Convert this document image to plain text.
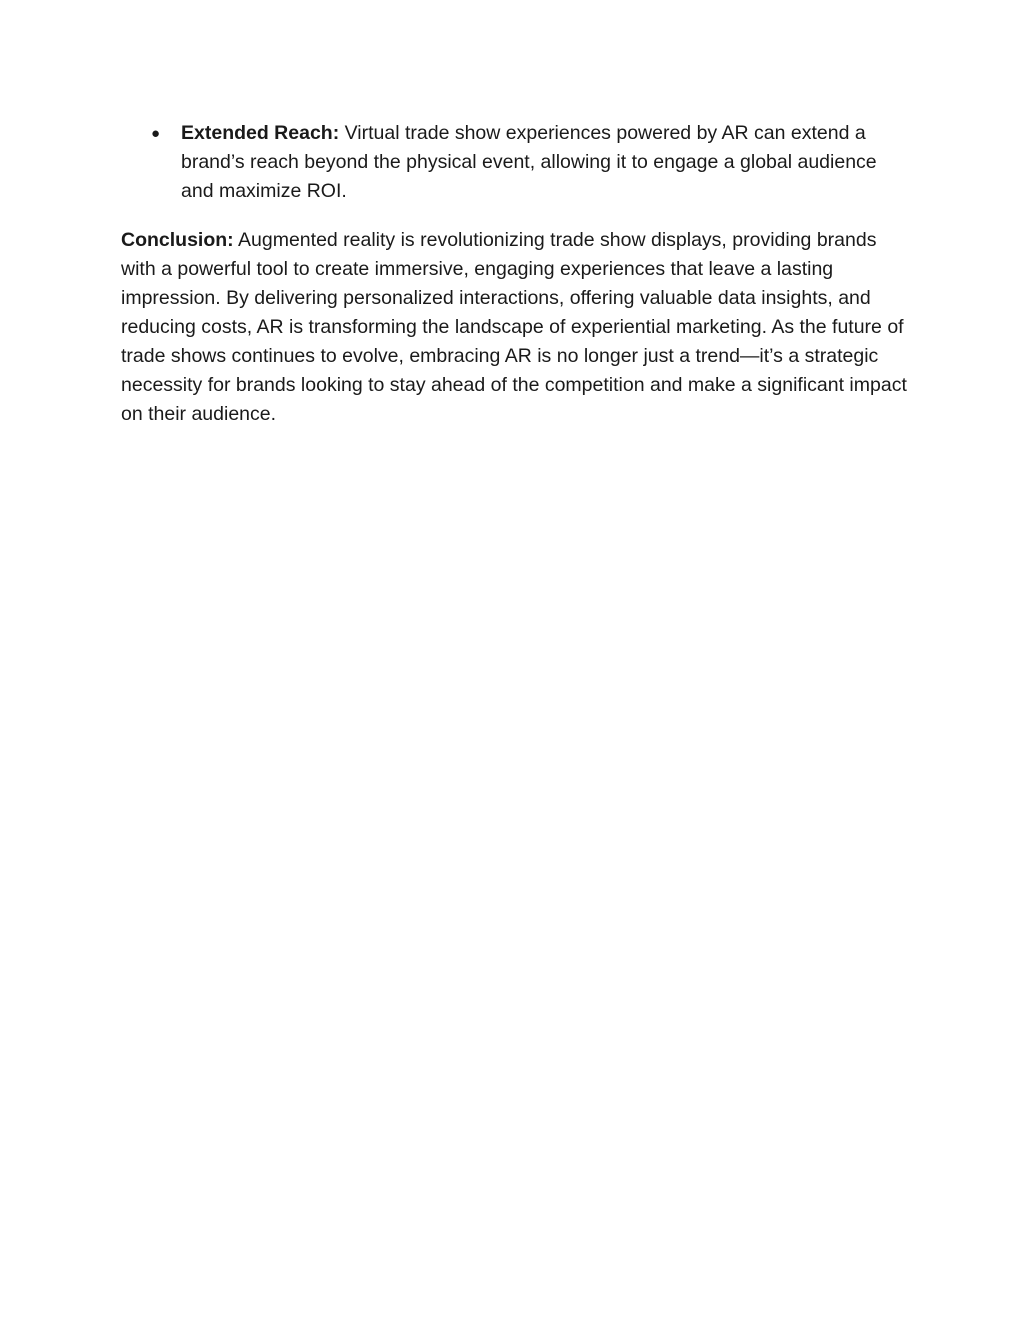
● Extended Reach: Virtual trade show experiences powered by AR can extend a brand’s reach beyond the physical event, allowing it to engage a global audience and maximize ROI.

Conclusion: Augmented reality is revolutionizing trade show displays, providing brands with a powerful tool to create immersive, engaging experiences that leave a lasting impression. By delivering personalized interactions, offering valuable data insights, and reducing costs, AR is transforming the landscape of experiential marketing. As the future of trade shows continues to evolve, embracing AR is no longer just a trend—it’s a strategic necessity for brands looking to stay ahead of the competition and make a significant impact on their audience.
